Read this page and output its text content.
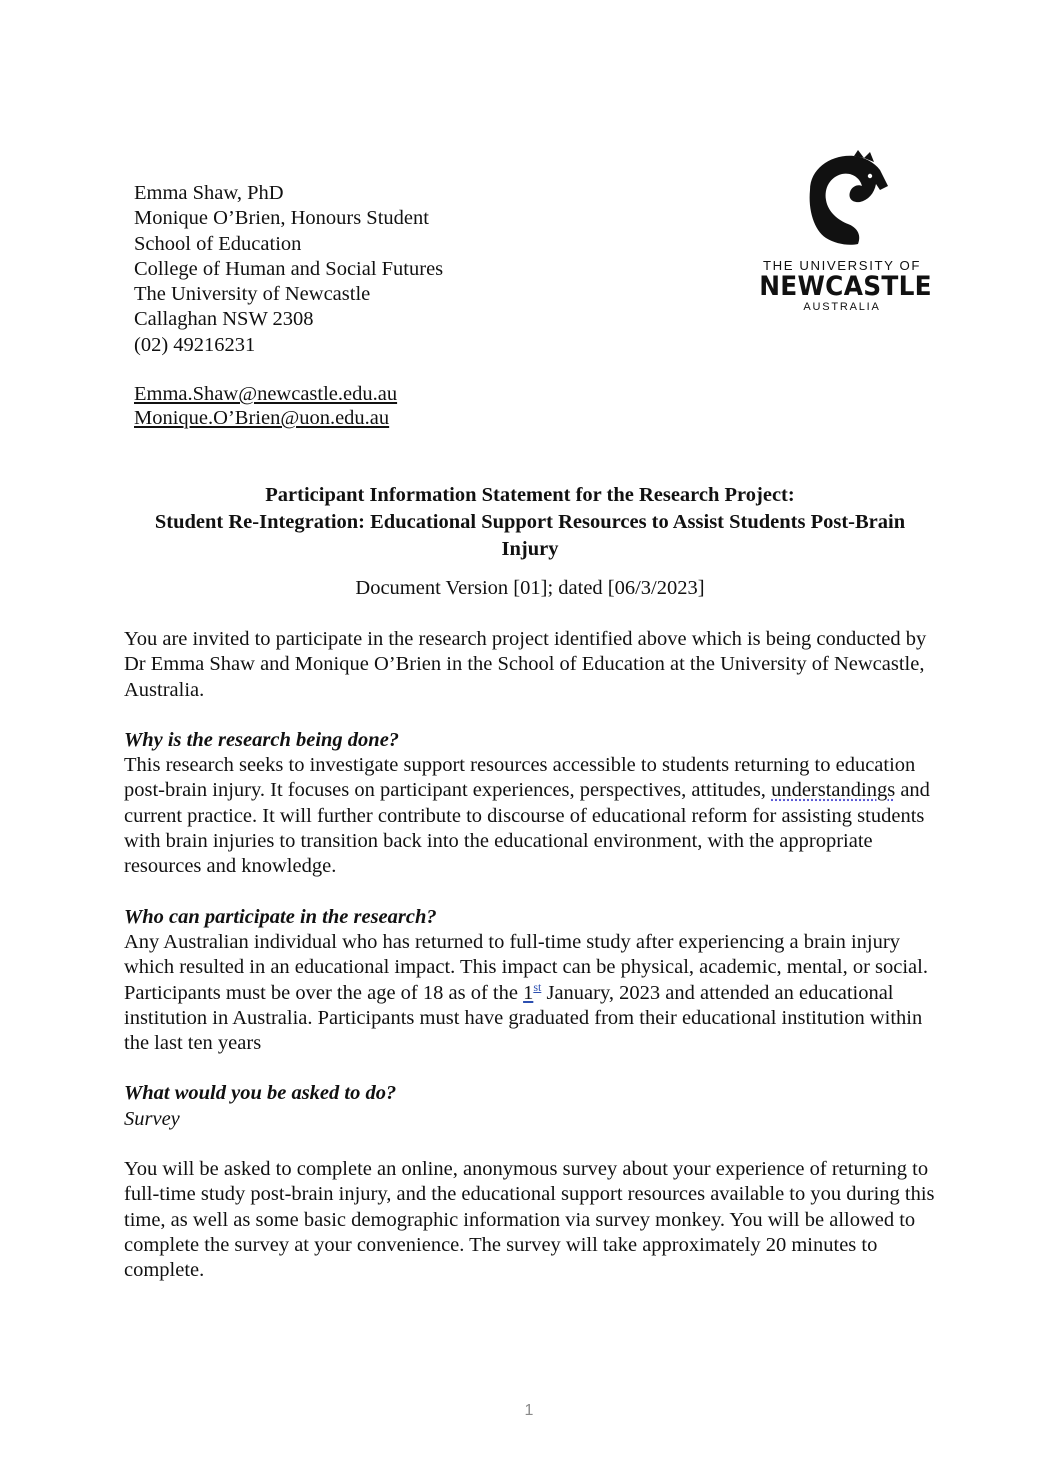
Emma Shaw, PhD
Monique O’Brien, Honours Student
School of Education
College of Human and Social Futures
The University of Newcastle
Callaghan NSW 2308
(02) 49216231
Emma.Shaw@newcastle.edu.au
Monique.O’Brien@uon.edu.au
THE UNIVERSITY OF
NEWCASTLE
AUSTRALIA
Participant Information Statement for the Research Project:
Student Re-Integration: Educational Support Resources to Assist Students Post-Brain Injury
Document Version [01]; dated [06/3/2023]

You are invited to participate in the research project identified above which is being conducted by Dr Emma Shaw and Monique O’Brien in the School of Education at the University of Newcastle, Australia.

Why is the research being done?

This research seeks to investigate support resources accessible to students returning to education post-brain injury. It focuses on participant experiences, perspectives, attitudes, understandings and current practice. It will further contribute to discourse of educational reform for assisting students with brain injuries to transition back into the educational environment, with the appropriate resources and knowledge.

Who can participate in the research?

Any Australian individual who has returned to full-time study after experiencing a brain injury which resulted in an educational impact. This impact can be physical, academic, mental, or social. Participants must be over the age of 18 as of the 1st January, 2023 and attended an educational institution in Australia. Participants must have graduated from their educational institution within the last ten years

What would you be asked to do?

Survey

You will be asked to complete an online, anonymous survey about your experience of returning to full-time study post-brain injury, and the educational support resources available to you during this time, as well as some basic demographic information via survey monkey. You will be allowed to complete the survey at your convenience. The survey will take approximately 20 minutes to complete.

1
